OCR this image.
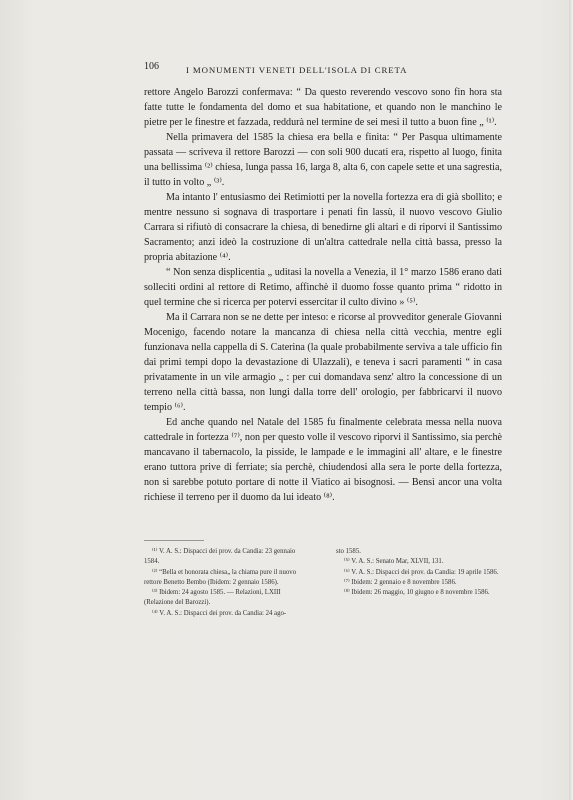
106	I MONUMENTI VENETI DELL'ISOLA DI CRETA

rettore Angelo Barozzi confermava: “ Da questo reverendo vescovo sono fin hora sta fatte tutte le fondamenta del domo et sua habitatione, et quando non le manchino le pietre per le finestre et fazzada, reddurà nel termine de sei mesi il tutto a buon fine „ ⁽¹⁾.

Nella primavera del 1585 la chiesa era bella e finita: “ Per Pasqua ultimamente passata — scriveva il rettore Barozzi — con soli 900 ducati era, rispetto al luogo, finita una bellissima ⁽²⁾ chiesa, lunga passa 16, larga 8, alta 6, con capele sette et una sagrestia, il tutto in volto „ ⁽³⁾.

Ma intanto l' entusiasmo dei Retimiotti per la novella fortezza era di già sbollito; e mentre nessuno si sognava di trasportare i penati fin lassù, il nuovo vescovo Giulio Carrara si rifiutò di consacrare la chiesa, di benedirne gli altari e di riporvi il Santissimo Sacramento; anzi ideò la costruzione di un'altra cattedrale nella città bassa, presso la propria abitazione ⁽⁴⁾.

“ Non senza displicentia „ uditasi la novella a Venezia, il 1° marzo 1586 erano dati solleciti ordini al rettore di Retimo, affinchè il duomo fosse quanto prima “ ridotto in quel termine che si ricerca per potervi essercitar il culto divino » ⁽⁵⁾.

Ma il Carrara non se ne dette per inteso: e ricorse al provveditor generale Giovanni Mocenigo, facendo notare la mancanza di chiesa nella città vecchia, mentre egli funzionava nella cappella di S. Caterina (la quale probabilmente serviva a tale ufficio fin dai primi tempi dopo la devastazione di Ulazzali), e teneva i sacri paramenti “ in casa privatamente in un vile armagio „ : per cui domandava senz' altro la concessione di un terreno nella città bassa, non lungi dalla torre dell' orologio, per fabbricarvi il nuovo tempio ⁽⁶⁾.

Ed anche quando nel Natale del 1585 fu finalmente celebrata messa nella nuova cattedrale in fortezza ⁽⁷⁾, non per questo volle il vescovo riporvi il Santissimo, sia perchè mancavano il tabernacolo, la pisside, le lampade e le immagini all' altare, e le finestre erano tuttora prive di ferriate; sia perchè, chiudendosi alla sera le porte della fortezza, non si sarebbe potuto portare di notte il Viatico ai bisognosi. — Bensì ancor una volta richiese il terreno per il duomo da lui ideato ⁽⁸⁾.

⁽¹⁾ V. A. S.: Dispacci dei prov. da Candia: 23 gennaio 1584.

⁽²⁾ “Bella et honorata chiesa„ la chiama pure il nuovo rettore Benetto Bembo (Ibidem: 2 gennaio 1586).

⁽³⁾ Ibidem: 24 agosto 1585. — Relazioni, LXIII (Relazione del Barozzi).

⁽⁴⁾ V. A. S.: Dispacci dei prov. da Candia: 24 ago-

sto 1585.

⁽⁵⁾ V. A. S.: Senato Mar, XLVII, 131.

⁽⁶⁾ V. A. S.: Dispacci dei prov. da Candia: 19 aprile 1586.

⁽⁷⁾ Ibidem: 2 gennaio e 8 novembre 1586.

⁽⁸⁾ Ibidem: 26 maggio, 10 giugno e 8 novembre 1586.
